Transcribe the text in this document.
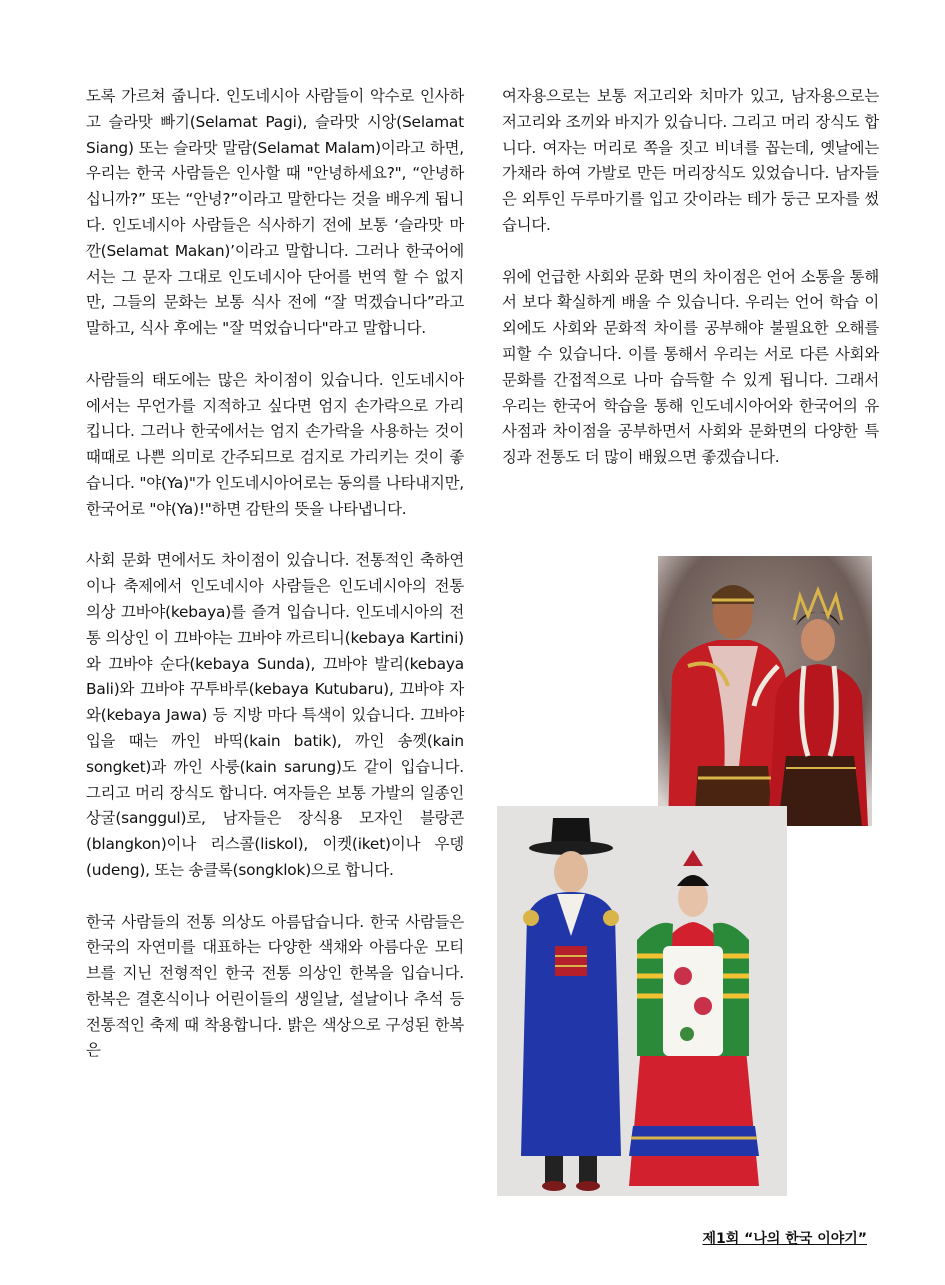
도록 가르쳐 줍니다. 인도네시아 사람들이 악수로 인사하고 슬라맛 빠기(Selamat Pagi), 슬라맛 시앙(Selamat Siang) 또는 슬라맛 말람(Selamat Malam)이라고 하면, 우리는 한국 사람들은 인사할 때 "안녕하세요?", “안녕하십니까?” 또는 “안녕?”이라고 말한다는 것을 배우게 됩니다. 인도네시아 사람들은 식사하기 전에 보통 ‘슬라맛 마깐(Selamat Makan)’이라고 말합니다. 그러나 한국어에서는 그 문자 그대로 인도네시아 단어를 번역 할 수 없지만, 그들의 문화는 보통 식사 전에 “잘 먹겠습니다”라고 말하고, 식사 후에는 "잘 먹었습니다"라고 말합니다.

사람들의 태도에는 많은 차이점이 있습니다. 인도네시아에서는 무언가를 지적하고 싶다면 엄지 손가락으로 가리킵니다. 그러나 한국에서는 엄지 손가락을 사용하는 것이 때때로 나쁜 의미로 간주되므로 검지로 가리키는 것이 좋습니다. "야(Ya)"가 인도네시아어로는 동의를 나타내지만, 한국어로 "야(Ya)!"하면 감탄의 뜻을 나타냅니다.

사회 문화 면에서도 차이점이 있습니다. 전통적인 축하연이나 축제에서 인도네시아 사람들은 인도네시아의 전통 의상 끄바야(kebaya)를 즐겨 입습니다. 인도네시아의 전통 의상인 이 끄바야는 끄바야 까르티니(kebaya Kartini)와 끄바야 순다(kebaya Sunda), 끄바야 발리(kebaya Bali)와 끄바야 꾸투바루(kebaya Kutubaru), 끄바야 자와(kebaya Jawa) 등 지방 마다 특색이 있습니다. 끄바야 입을 때는 까인 바띡(kain batik), 까인 송껫(kain songket)과 까인 사룽(kain sarung)도 같이 입습니다. 그리고 머리 장식도 합니다. 여자들은 보통 가발의 일종인 상굴(sanggul)로, 남자들은 장식용 모자인 블랑콘(blangkon)이나 리스콜(liskol), 이켓(iket)이나 우뎅(udeng), 또는 송클록(songklok)으로 합니다.

한국 사람들의 전통 의상도 아름답습니다. 한국 사람들은 한국의 자연미를 대표하는 다양한 색채와 아름다운 모티브를 지닌 전형적인 한국 전통 의상인 한복을 입습니다. 한복은 결혼식이나 어린이들의 생일날, 설날이나 추석 등 전통적인 축제 때 착용합니다. 밝은 색상으로 구성된 한복은

여자용으로는 보통 저고리와 치마가 있고, 남자용으로는 저고리와 조끼와 바지가 있습니다. 그리고 머리 장식도 합니다. 여자는 머리로 쪽을 짓고 비녀를 꼽는데, 옛날에는 가채라 하여 가발로 만든 머리장식도 있었습니다. 남자들은 외투인 두루마기를 입고 갓이라는 테가 둥근 모자를 썼습니다.

위에 언급한 사회와 문화 면의 차이점은 언어 소통을 통해서 보다 확실하게 배울 수 있습니다. 우리는 언어 학습 이외에도 사회와 문화적 차이를 공부해야 불필요한 오해를 피할 수 있습니다. 이를 통해서 우리는 서로 다른 사회와 문화를 간접적으로 나마 습득할 수 있게 됩니다. 그래서 우리는 한국어 학습을 통해 인도네시아어와 한국어의 유사점과 차이점을 공부하면서 사회와 문화면의 다양한 특징과 전통도 더 많이 배웠으면 좋겠습니다.

제1회 “나의 한국 이야기”
